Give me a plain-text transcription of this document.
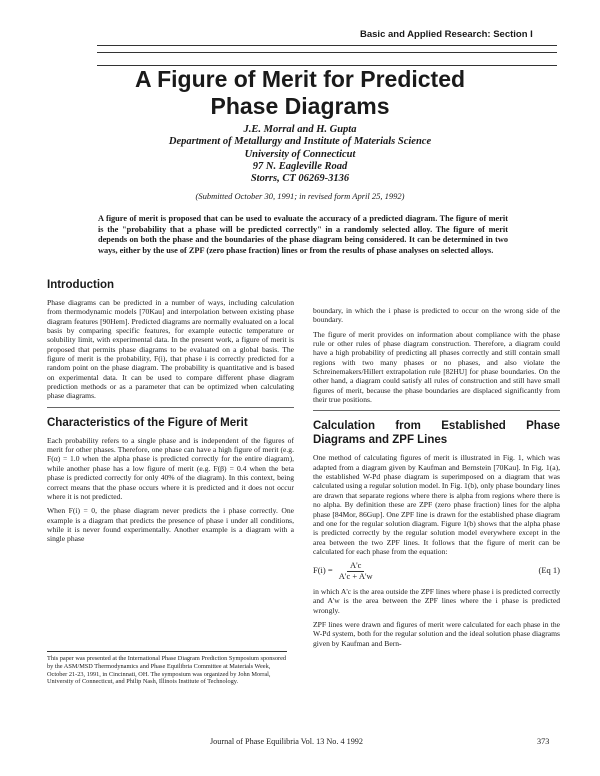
Basic and Applied Research: Section I
A Figure of Merit for Predicted
Phase Diagrams
J.E. Morral and H. Gupta
Department of Metallurgy and Institute of Materials Science
University of Connecticut
97 N. Eagleville Road
Storrs, CT 06269-3136
(Submitted October 30, 1991; in revised form April 25, 1992)
A figure of merit is proposed that can be used to evaluate the accuracy of a predicted diagram. The figure of merit is the "probability that a phase will be predicted correctly" in a randomly selected alloy. The figure of merit depends on both the phase and the boundaries of the phase diagram being considered. It can be determined in two ways, either by the use of ZPF (zero phase fraction) lines or from the results of phase analyses on selected alloys.
Introduction

Phase diagrams can be predicted in a number of ways, including calculation from thermodynamic models [70Kau] and interpolation between existing phase diagram features [90Hem]. Predicted diagrams are normally evaluated on a local basis by comparing specific features, for example eutectic temperature or solubility limit, with experimental data. In the present work, a figure of merit is proposed that permits phase diagrams to be evaluated on a global basis. The figure of merit is the probability, F(i), that phase i is correctly predicted for a random point on the phase diagram. The probability is quantitative and is based on experimental data. It can be used to compare different phase diagram prediction methods or as a parameter that can be optimized when calculating phase diagrams.

Characteristics of the Figure of Merit

Each probability refers to a single phase and is independent of the figures of merit for other phases. Therefore, one phase can have a high figure of merit (e.g. F(α) = 1.0 when the alpha phase is predicted correctly for the entire diagram), while another phase has a low figure of merit (e.g. F(β) = 0.4 when the beta phase is predicted correctly for only 40% of the diagram). In this context, being correct means that the phase occurs where it is predicted and it does not occur where it is not predicted.

When F(i) = 0, the phase diagram never predicts the i phase correctly. One example is a diagram that predicts the presence of phase i under all conditions, while it is never found experimentally. Another example is a diagram with a single phase

This paper was presented at the International Phase Diagram Prediction Symposium sponsored by the ASM/MSD Thermodynamics and Phase Equilibria Committee at Materials Week, October 21-23, 1991, in Cincinnati, OH. The symposium was organized by John Morral, University of Connecticut, and Philip Nash, Illinois Institute of Technology.

boundary, in which the i phase is predicted to occur on the wrong side of the boundary.

The figure of merit provides on information about compliance with the phase rule or other rules of phase diagram construction. Therefore, a diagram could have a high probability of predicting all phases correctly and still contain small regions with two many phases or no phases, and also violate the Schreinemakers/Hillert extrapolation rule [82HU] for phase boundaries. On the other hand, a diagram could satisfy all rules of construction and still have small figures of merit, because the phase boundaries are displaced significantly from their true positions.

Calculation from Established Phase Diagrams and ZPF Lines

One method of calculating figures of merit is illustrated in Fig. 1, which was adapted from a diagram given by Kaufman and Bernstein [70Kau]. In Fig. 1(a), the established W-Pd phase diagram is superimposed on a diagram that was calculated using a regular solution model. In Fig. 1(b), only phase boundary lines are drawn that separate regions where there is alpha from regions where there is no alpha. By definition these are ZPF (zero phase fraction) lines for the alpha phase [84Mor, 86Gup]. One ZPF line is drawn for the established phase diagram and one for the regular solution diagram. Figure 1(b) shows that the alpha phase is predicted correctly by the regular solution model everywhere except in the area between the two ZPF lines. It follows that the figure of merit can be calculated for each phase from the equation:

$F(i) = \frac{A'c}{A'c + A'w}$	(Eq 1)

in which A'c is the area outside the ZPF lines where phase i is predicted correctly and A'w is the area between the ZPF lines where the i phase is predicted wrongly.

ZPF lines were drawn and figures of merit were calculated for each phase in the W-Pd system, both for the regular solution and the ideal solution phase diagrams given by Kaufman and Bern-

Journal of Phase Equilibria Vol. 13 No. 4 1992	373
